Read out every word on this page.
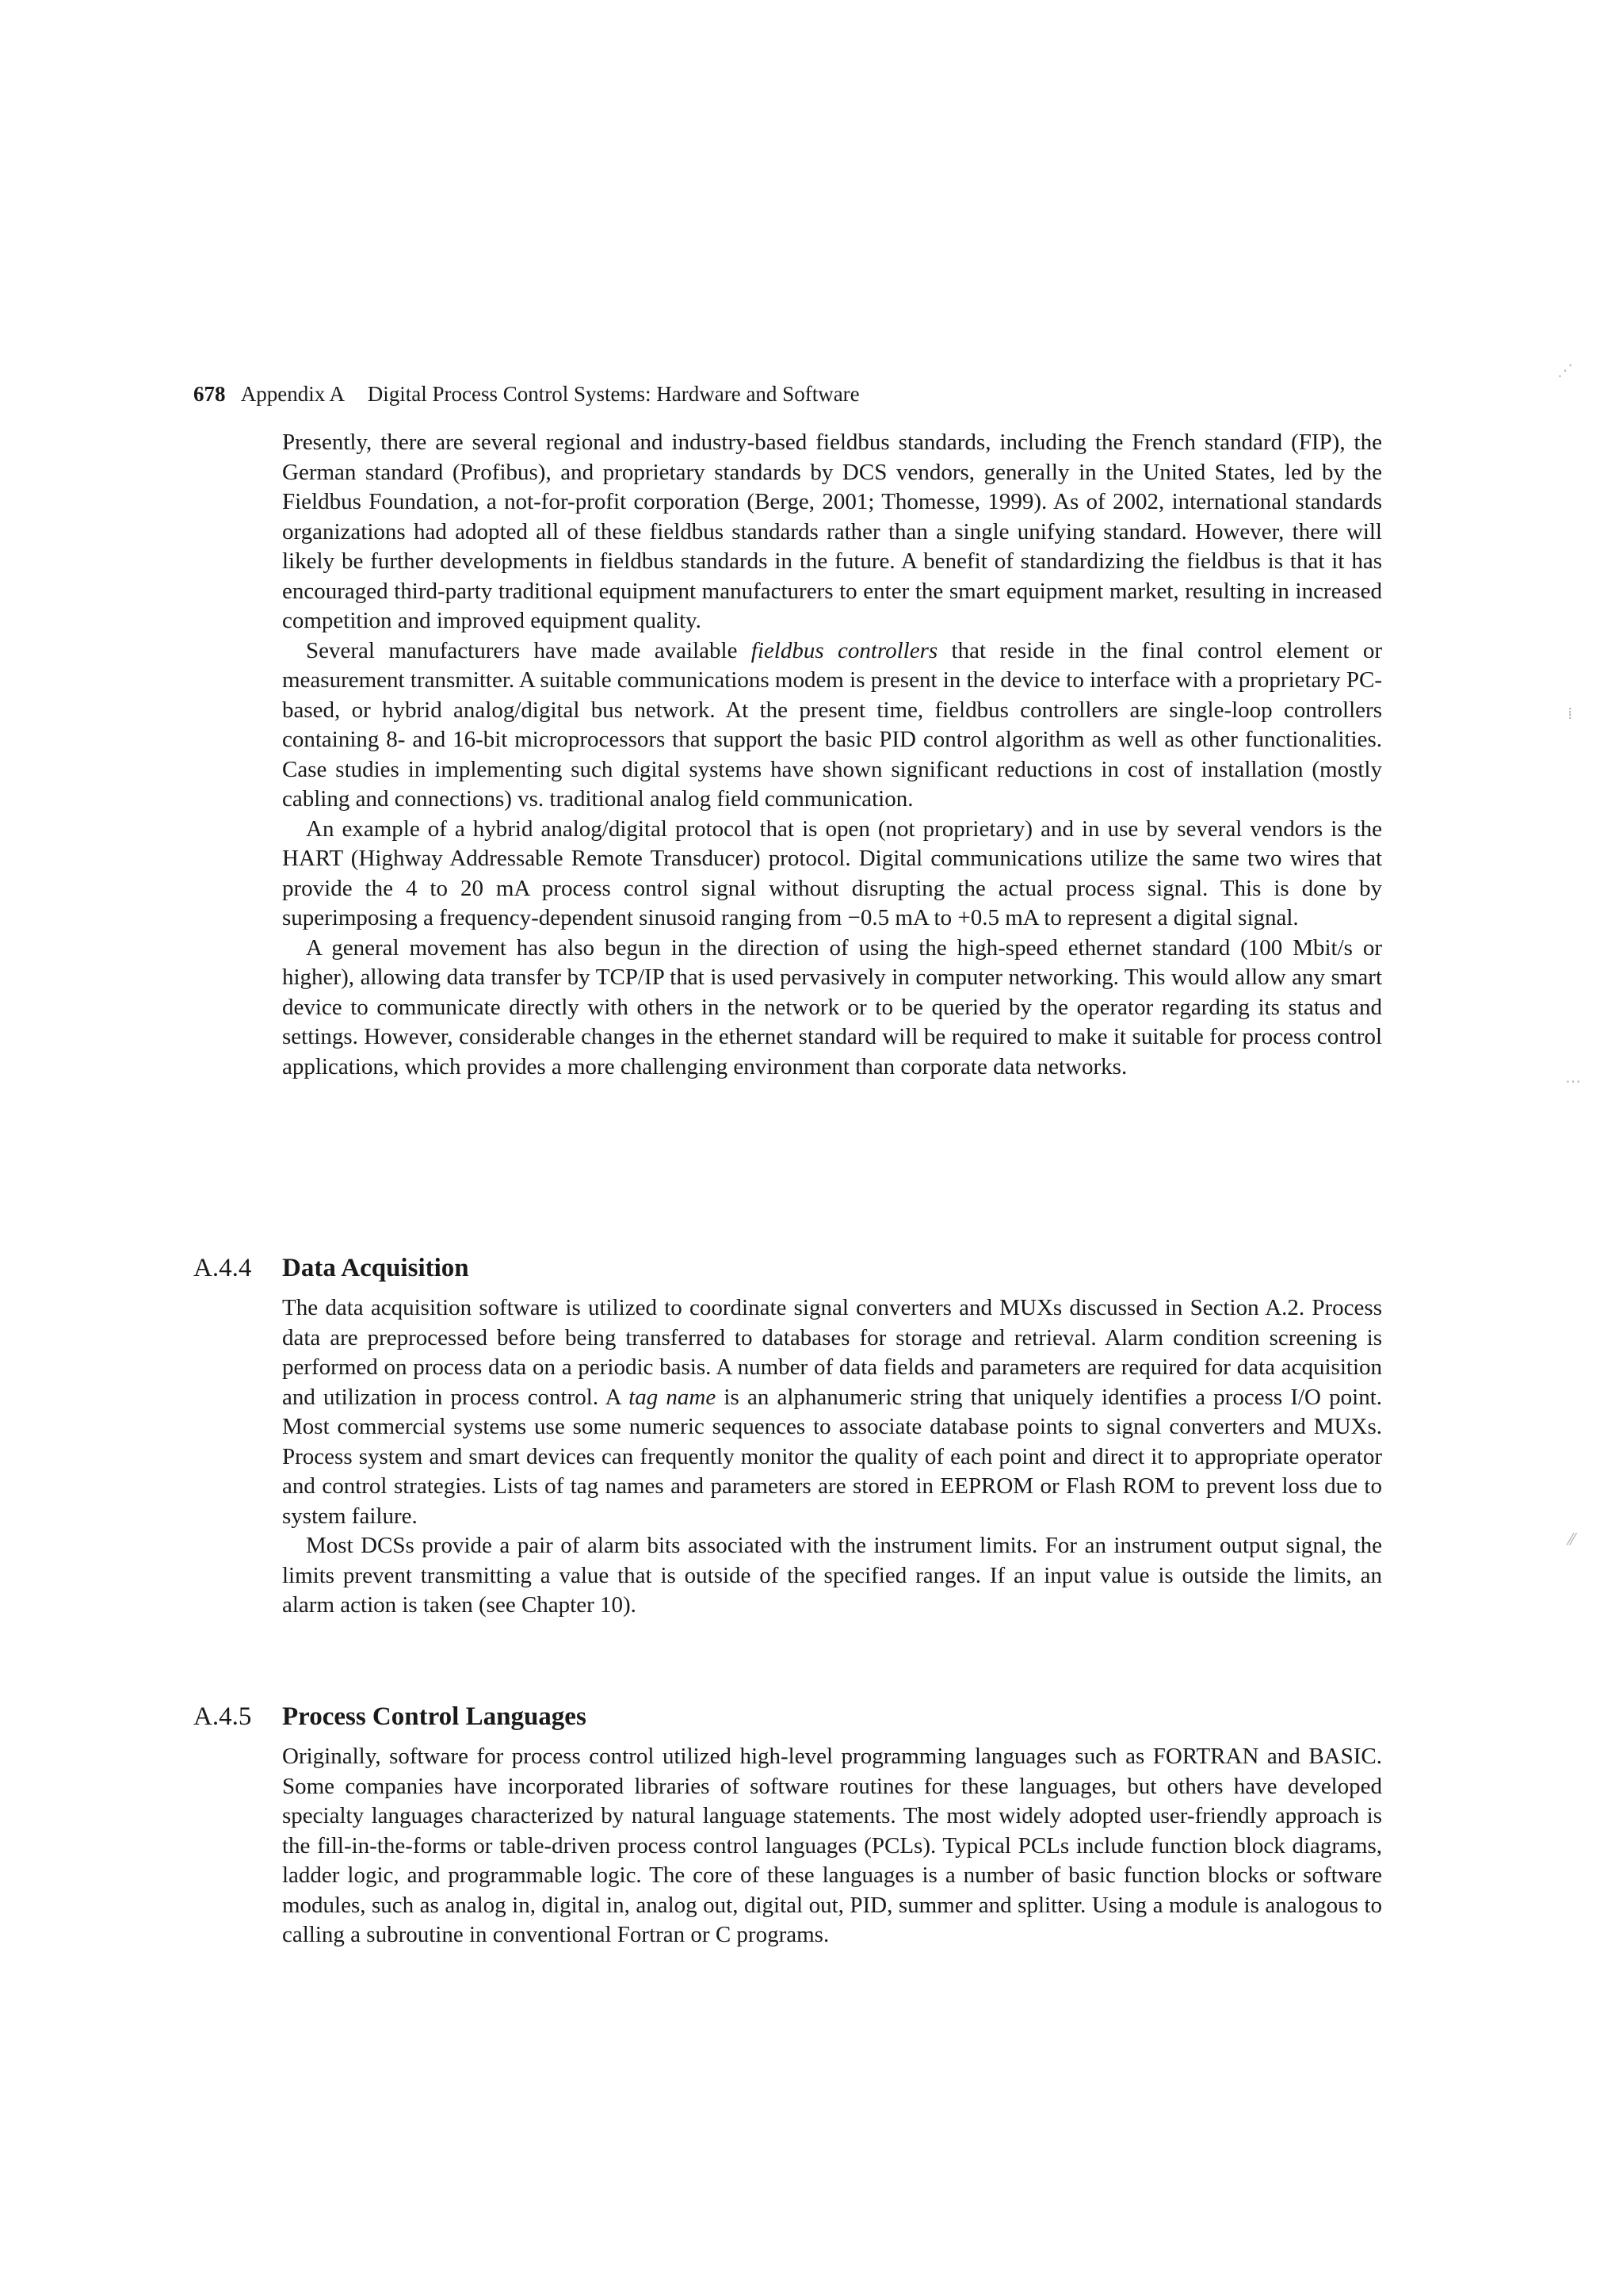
678 Appendix A Digital Process Control Systems: Hardware and Software

Presently, there are several regional and industry-based fieldbus standards, including the French standard (FIP), the German standard (Profibus), and proprietary standards by DCS vendors, generally in the United States, led by the Fieldbus Foundation, a not-for-profit corporation (Berge, 2001; Thomesse, 1999). As of 2002, international standards organizations had adopted all of these fieldbus standards rather than a single unifying standard. However, there will likely be further developments in fieldbus standards in the future. A benefit of standardizing the fieldbus is that it has encouraged third-party traditional equipment manufacturers to enter the smart equipment market, resulting in increased competition and improved equipment quality.

Several manufacturers have made available fieldbus controllers that reside in the final control element or measurement transmitter. A suitable communications modem is present in the device to interface with a proprietary PC-based, or hybrid analog/digital bus network. At the present time, fieldbus controllers are single-loop controllers containing 8- and 16-bit microprocessors that support the basic PID control algorithm as well as other functionalities. Case studies in implementing such digital systems have shown significant reductions in cost of installation (mostly cabling and connections) vs. traditional analog field communication.

An example of a hybrid analog/digital protocol that is open (not proprietary) and in use by several vendors is the HART (Highway Addressable Remote Transducer) protocol. Digital communications utilize the same two wires that provide the 4 to 20 mA process control signal without disrupting the actual process signal. This is done by superimposing a frequency-dependent sinusoid ranging from −0.5 mA to +0.5 mA to represent a digital signal.

A general movement has also begun in the direction of using the high-speed ethernet standard (100 Mbit/s or higher), allowing data transfer by TCP/IP that is used pervasively in computer networking. This would allow any smart device to communicate directly with others in the network or to be queried by the operator regarding its status and settings. However, considerable changes in the ethernet standard will be required to make it suitable for process control applications, which provides a more challenging environment than corporate data networks.

A.4.4 Data Acquisition

The data acquisition software is utilized to coordinate signal converters and MUXs discussed in Section A.2. Process data are preprocessed before being transferred to databases for storage and retrieval. Alarm condition screening is performed on process data on a periodic basis. A number of data fields and parameters are required for data acquisition and utilization in process control. A tag name is an alphanumeric string that uniquely identifies a process I/O point. Most commercial systems use some numeric sequences to associate database points to signal converters and MUXs. Process system and smart devices can frequently monitor the quality of each point and direct it to appropriate operator and control strategies. Lists of tag names and parameters are stored in EEPROM or Flash ROM to prevent loss due to system failure.

Most DCSs provide a pair of alarm bits associated with the instrument limits. For an instrument output signal, the limits prevent transmitting a value that is outside of the specified ranges. If an input value is outside the limits, an alarm action is taken (see Chapter 10).

A.4.5 Process Control Languages

Originally, software for process control utilized high-level programming languages such as FORTRAN and BASIC. Some companies have incorporated libraries of software routines for these languages, but others have developed specialty languages characterized by natural language statements. The most widely adopted user-friendly approach is the fill-in-the-forms or table-driven process control languages (PCLs). Typical PCLs include function block diagrams, ladder logic, and programmable logic. The core of these languages is a number of basic function blocks or software modules, such as analog in, digital in, analog out, digital out, PID, summer and splitter. Using a module is analogous to calling a subroutine in conventional Fortran or C programs.

⋰
⁞
⋯
⁄⁄
